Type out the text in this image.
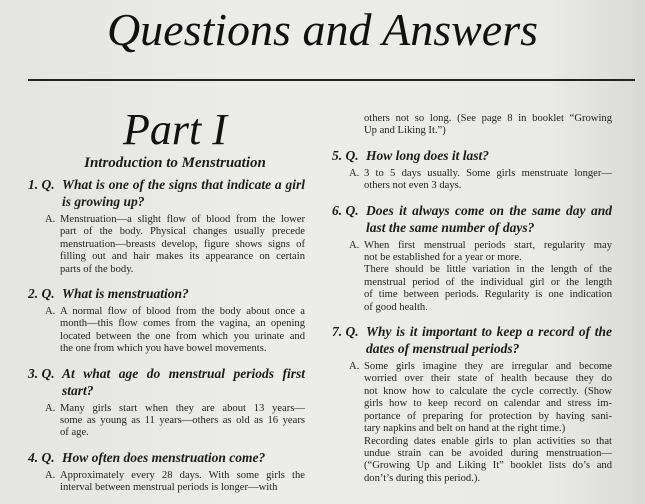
Questions and Answers
Part I
Introduction to Menstruation
1. Q. What is one of the signs that indicate a girl
is growing up?
A. Menstruation—a slight flow of blood from the lower
part of the body. Physical changes usually precede
menstruation—breasts develop, figure shows signs of
filling out and hair makes its appearance on certain
parts of the body.
2. Q. What is menstruation?
A. A normal flow of blood from the body about once a
month—this flow comes from the vagina, an opening
located between the one from which you urinate and
the one from which you have bowel movements.
3. Q. At what age do menstrual periods first
start?
A. Many girls start when they are about 13 years—
some as young as 11 years—others as old as 16 years
of age.
4. Q. How often does menstruation come?
A. Approximately every 28 days. With some girls the
interval between menstrual periods is longer—with
others not so long. (See page 8 in booklet “Growing
Up and Liking It.”)
5. Q. How long does it last?
A. 3 to 5 days usually. Some girls menstruate longer—
others not even 3 days.
6. Q. Does it always come on the same day and
last the same number of days?
A. When first menstrual periods start, regularity may
not be established for a year or more.
There should be little variation in the length of the
menstrual period of the individual girl or the length
of time between periods. Regularity is one indication
of good health.
7. Q. Why is it important to keep a record of the
dates of menstrual periods?
A. Some girls imagine they are irregular and become
worried over their state of health because they do
not know how to calculate the cycle correctly. (Show
girls how to keep record on calendar and stress im-
portance of preparing for protection by having sani-
tary napkins and belt on hand at the right time.)
Recording dates enable girls to plan activities so that
undue strain can be avoided during menstruation—
(“Growing Up and Liking It” booklet lists do’s and
don’t’s during this period.).
